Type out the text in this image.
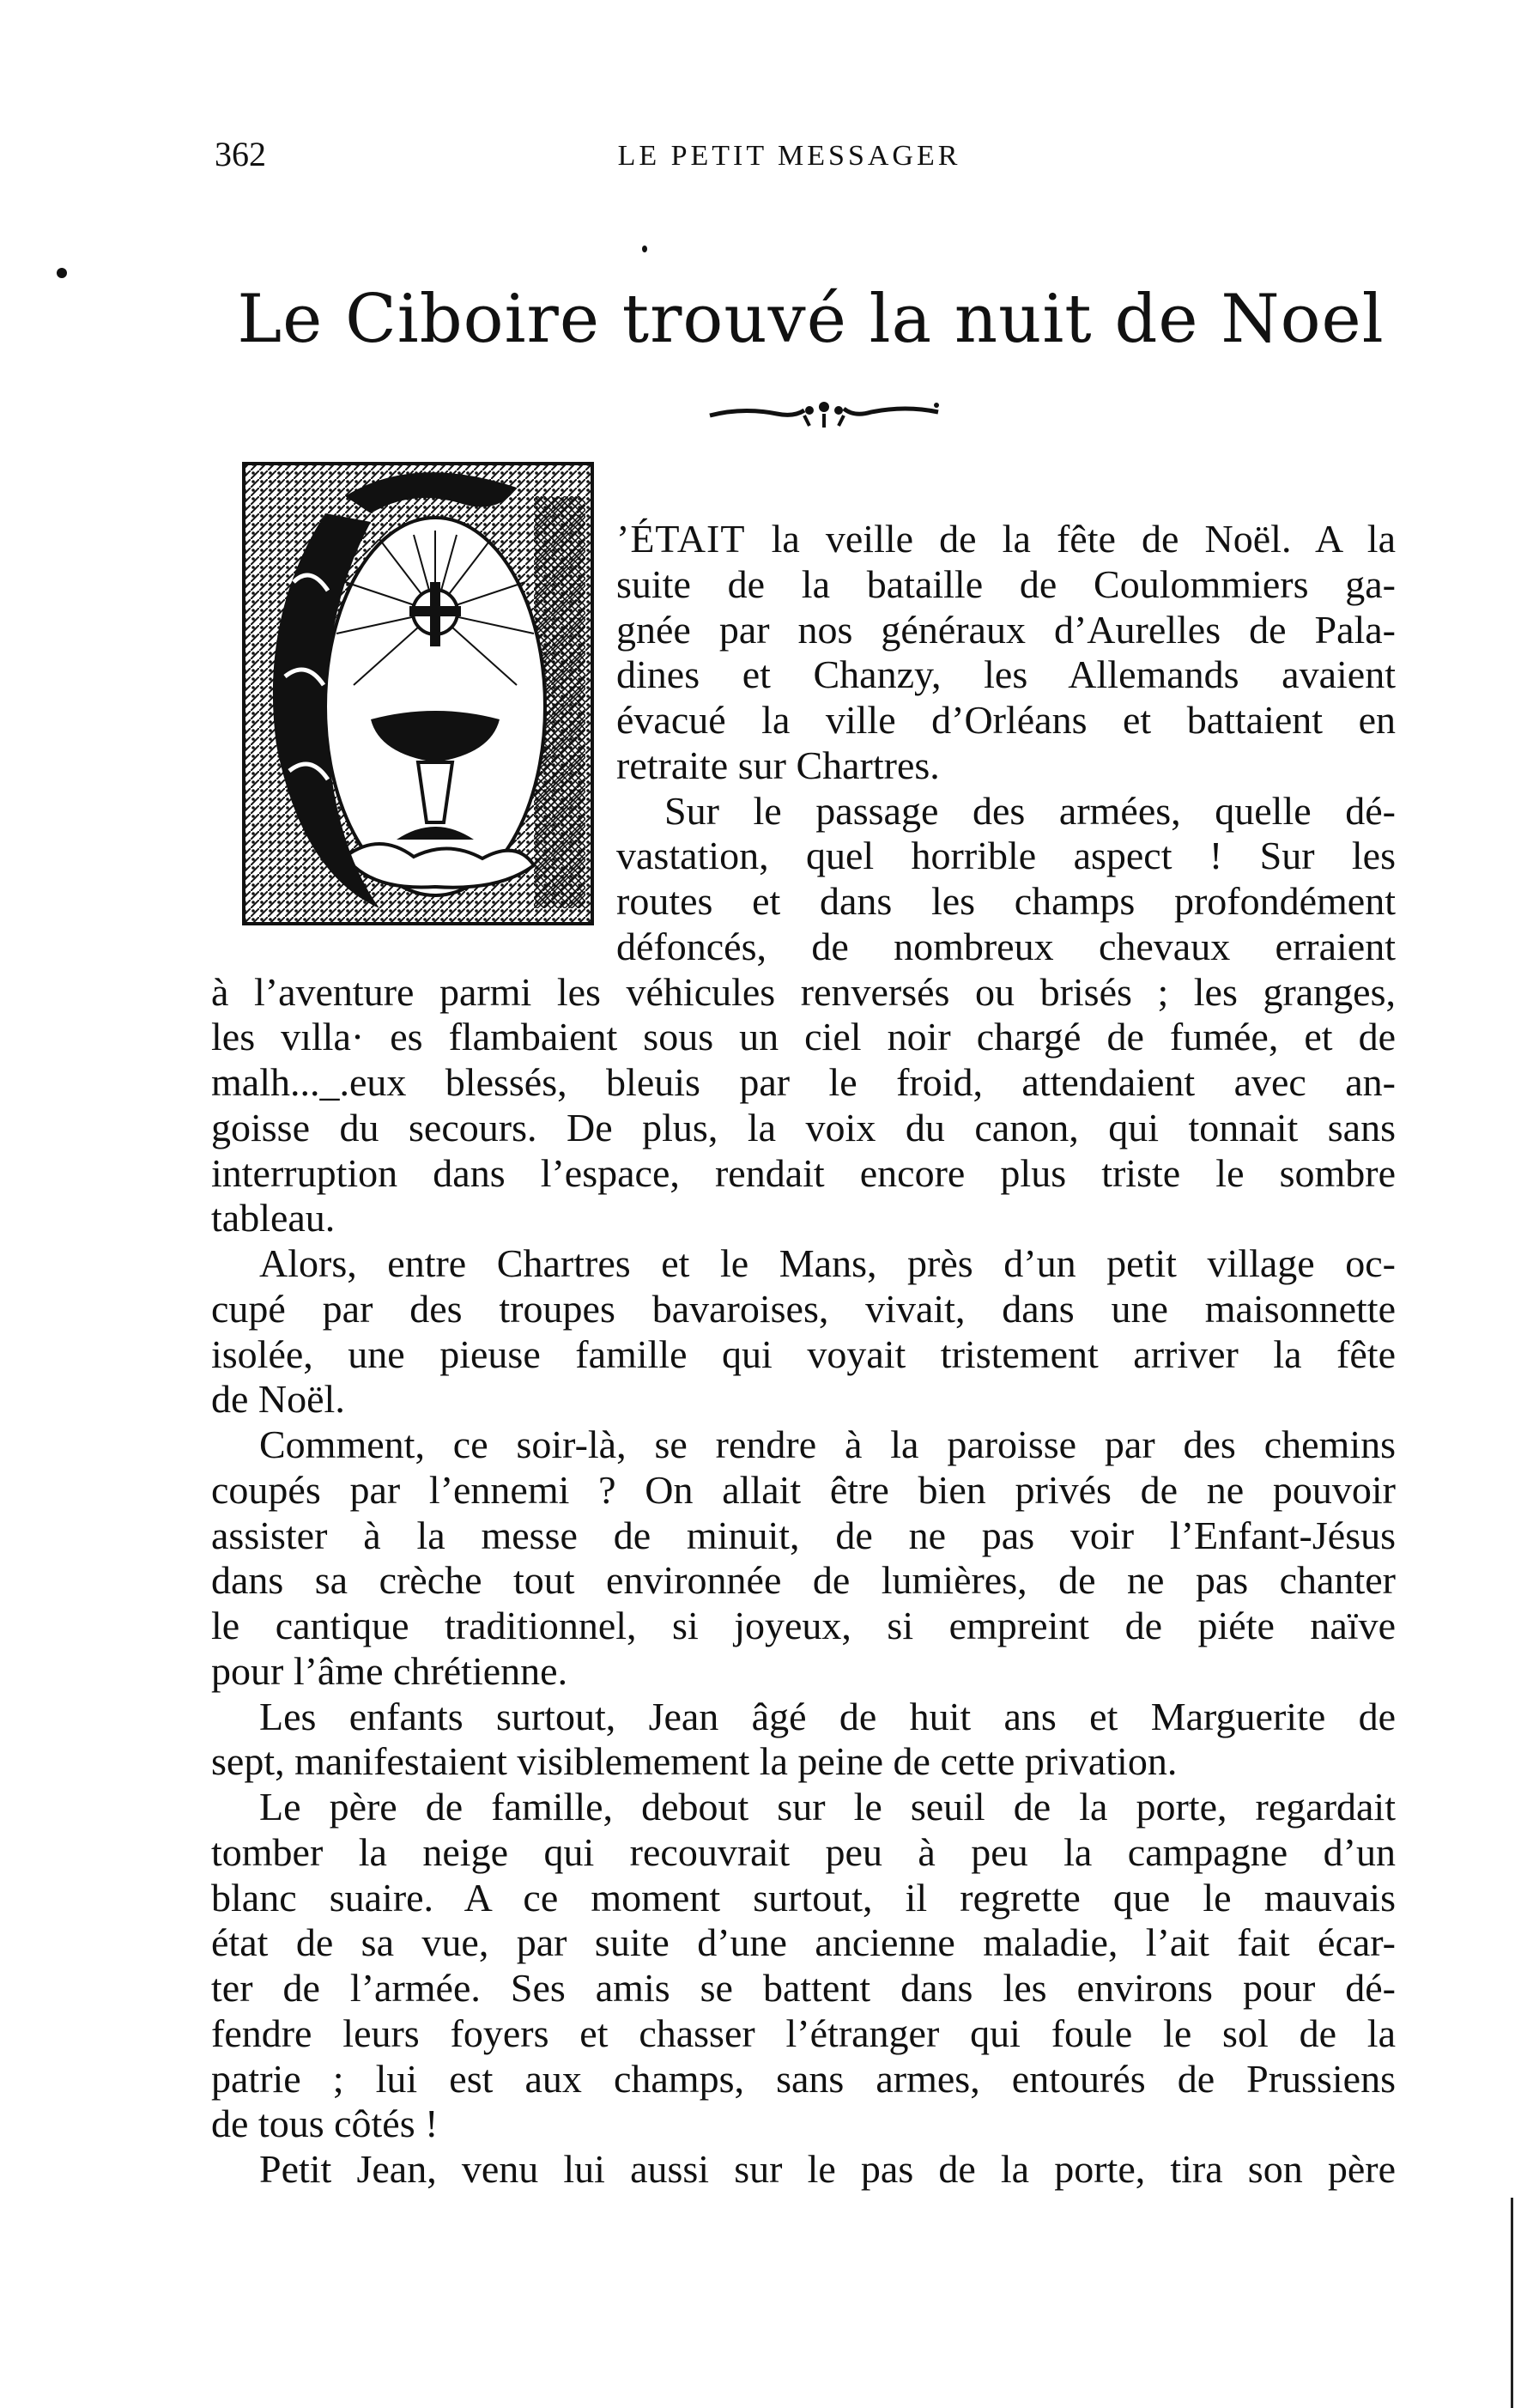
362	LE PETIT MESSAGER
Le Ciboire trouvé la nuit de Noel
’ÉTAIT la veille de la fête de Noël. A la
suite de la bataille de Coulommiers ga-
gnée par nos généraux d’Aurelles de Pala-
dines et Chanzy, les Allemands avaient
évacué la ville d’Orléans et battaient en
retraite sur Chartres.
Sur le passage des armées, quelle dé-
vastation, quel horrible aspect ! Sur les
routes et dans les champs profondément
défoncés, de nombreux chevaux erraient
à l’aventure parmi les véhicules renversés ou brisés ; les granges,
les vılla· es flambaient sous un ciel noir chargé de fumée, et de
malh..._.eux blessés, bleuis par le froid, attendaient avec an-
goisse du secours. De plus, la voix du canon, qui tonnait sans
interruption dans l’espace, rendait encore plus triste le sombre
tableau.
Alors, entre Chartres et le Mans, près d’un petit village oc-
cupé par des troupes bavaroises, vivait, dans une maisonnette
isolée, une pieuse famille qui voyait tristement arriver la fête
de Noël.
Comment, ce soir-là, se rendre à la paroisse par des chemins
coupés par l’ennemi ? On allait être bien privés de ne pouvoir
assister à la messe de minuit, de ne pas voir l’Enfant-Jésus
dans sa crèche tout environnée de lumières, de ne pas chanter
le cantique traditionnel, si joyeux, si empreint de piéte naïve
pour l’âme chrétienne.
Les enfants surtout, Jean âgé de huit ans et Marguerite de
sept, manifestaient visiblemement la peine de cette privation.
Le père de famille, debout sur le seuil de la porte, regardait
tomber la neige qui recouvrait peu à peu la campagne d’un
blanc suaire. A ce moment surtout, il regrette que le mauvais
état de sa vue, par suite d’une ancienne maladie, l’ait fait écar-
ter de l’armée. Ses amis se battent dans les environs pour dé-
fendre leurs foyers et chasser l’étranger qui foule le sol de la
patrie ; lui est aux champs, sans armes, entourés de Prussiens
de tous côtés !
Petit Jean, venu lui aussi sur le pas de la porte, tira son père
